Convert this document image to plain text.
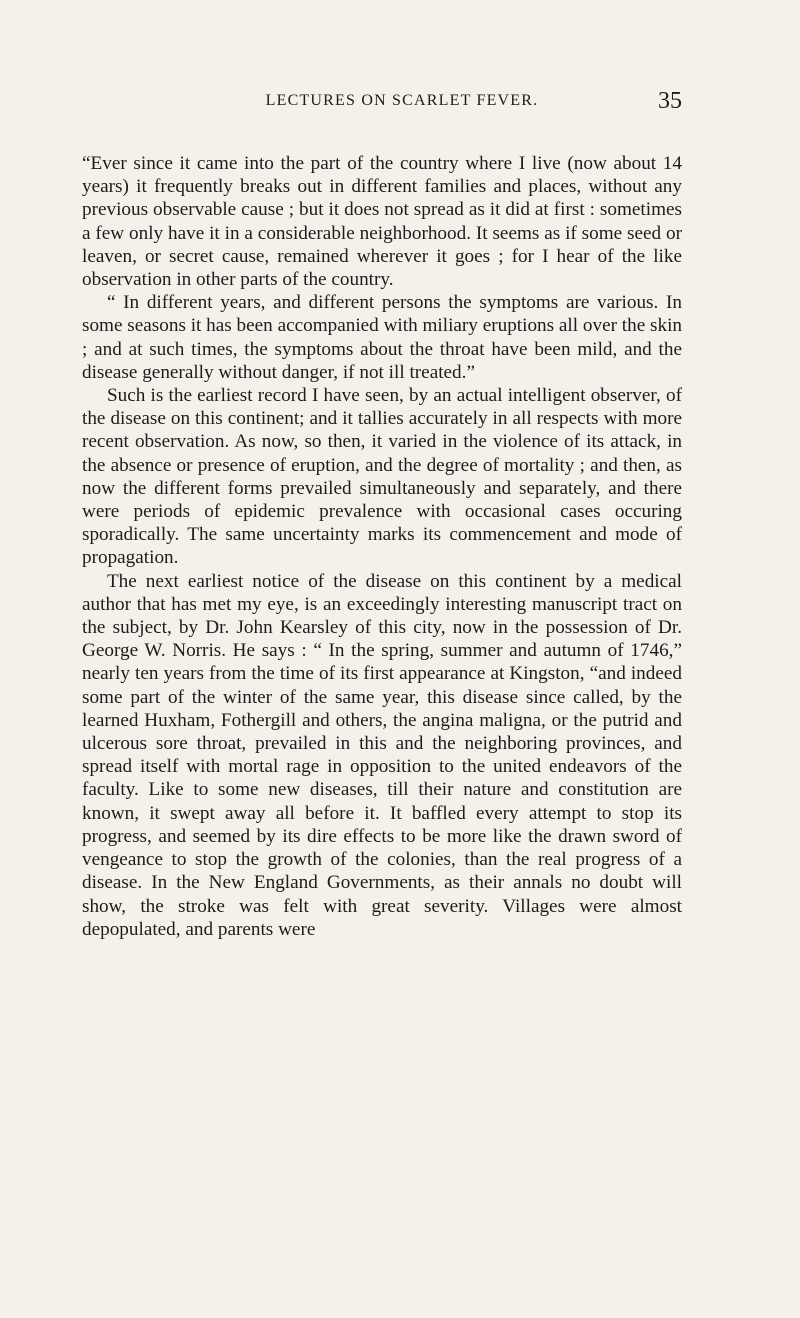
LECTURES ON SCARLET FEVER.	35

“Ever since it came into the part of the country where I live (now about 14 years) it frequently breaks out in different families and places, without any previous observable cause ; but it does not spread as it did at first : sometimes a few only have it in a considerable neighborhood. It seems as if some seed or leaven, or secret cause, remained wherever it goes ; for I hear of the like observation in other parts of the country.

“ In different years, and different persons the symptoms are various. In some seasons it has been accompanied with miliary eruptions all over the skin ; and at such times, the symptoms about the throat have been mild, and the disease generally without danger, if not ill treated.”

Such is the earliest record I have seen, by an actual intelligent observer, of the disease on this continent; and it tallies accurately in all respects with more recent observation. As now, so then, it varied in the violence of its attack, in the absence or presence of eruption, and the degree of mortality ; and then, as now the different forms prevailed simultaneously and separately, and there were periods of epidemic prevalence with occasional cases occuring sporadically. The same uncertainty marks its commencement and mode of propagation.

The next earliest notice of the disease on this continent by a medical author that has met my eye, is an exceedingly interesting manuscript tract on the subject, by Dr. John Kearsley of this city, now in the possession of Dr. George W. Norris. He says : “ In the spring, summer and autumn of 1746,” nearly ten years from the time of its first appearance at Kingston, “and indeed some part of the winter of the same year, this disease since called, by the learned Huxham, Fothergill and others, the angina maligna, or the putrid and ulcerous sore throat, prevailed in this and the neighboring provinces, and spread itself with mortal rage in opposition to the united endeavors of the faculty. Like to some new diseases, till their nature and constitution are known, it swept away all before it. It baffled every attempt to stop its progress, and seemed by its dire effects to be more like the drawn sword of vengeance to stop the growth of the colonies, than the real progress of a disease. In the New England Governments, as their annals no doubt will show, the stroke was felt with great severity. Villages were almost depopulated, and parents were
